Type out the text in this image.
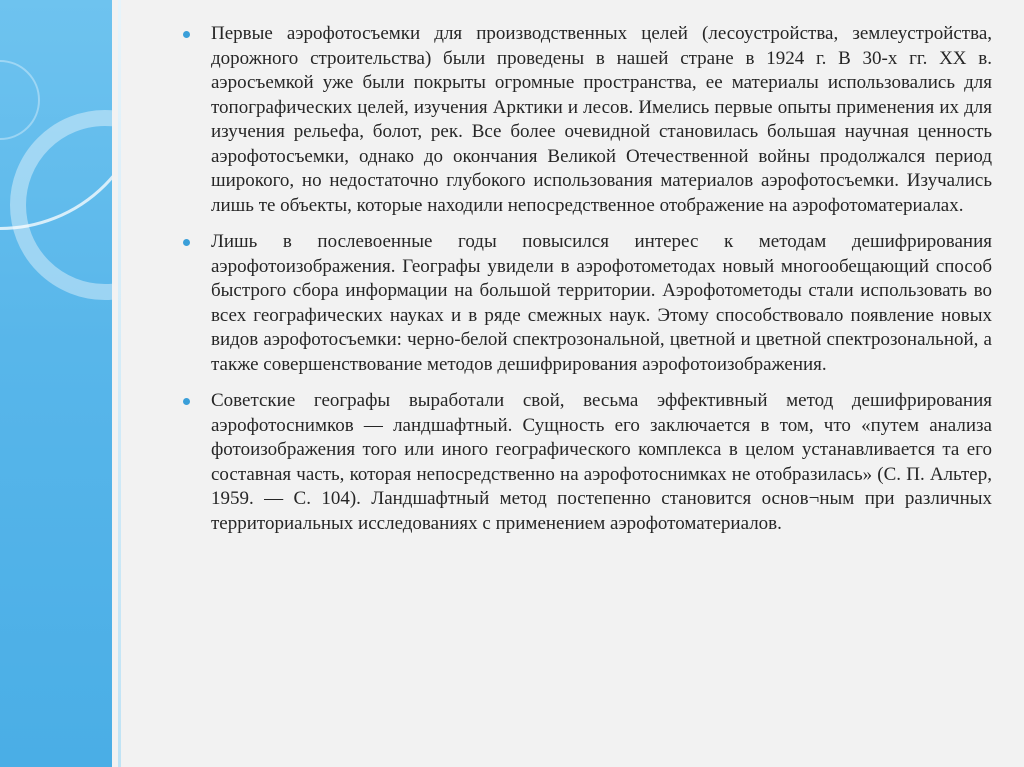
Первые аэрофотосъемки для производственных целей (лесоустройства, землеустройства, дорожного строительства) были проведены в нашей стране в 1924 г. В 30-х гг. ХХ в. аэросъемкой уже были покрыты огромные пространства, ее материалы использовались для топографических целей, изучения Арктики и лесов. Имелись первые опыты применения их для изучения рельефа, болот, рек. Все более очевидной становилась большая научная ценность аэрофотосъемки, однако до окончания Великой Отечественной войны продолжался период широкого, но недостаточно глубокого использования материалов аэрофотосъемки. Изучались лишь те объекты, которые находили непосредственное отображение на аэрофотоматериалах.

Лишь в послевоенные годы повысился интерес к методам дешифрирования аэрофотоизображения. Географы увидели в аэрофотометодах новый многообещающий способ быстрого сбора информации на большой территории. Аэрофотометоды стали использовать во всех географических науках и в ряде смежных наук. Этому способствовало появление новых видов аэрофотосъемки: черно-белой спектрозональной, цветной и цветной спектрозональной, а также совершенствование методов дешифрирования аэрофотоизображения.

Советские географы выработали свой, весьма эффективный метод дешифрирования аэрофотоснимков — ландшафтный. Сущность его заключается в том, что «путем анализа фотоизображения того или иного географического комплекса в целом устанавливается та его составная часть, которая непосредственно на аэрофотоснимках не отобразилась» (С. П. Альтер, 1959. — С. 104). Ландшафтный метод постепенно становится основ¬ным при различных территориальных исследованиях с применением аэрофотоматериалов.
